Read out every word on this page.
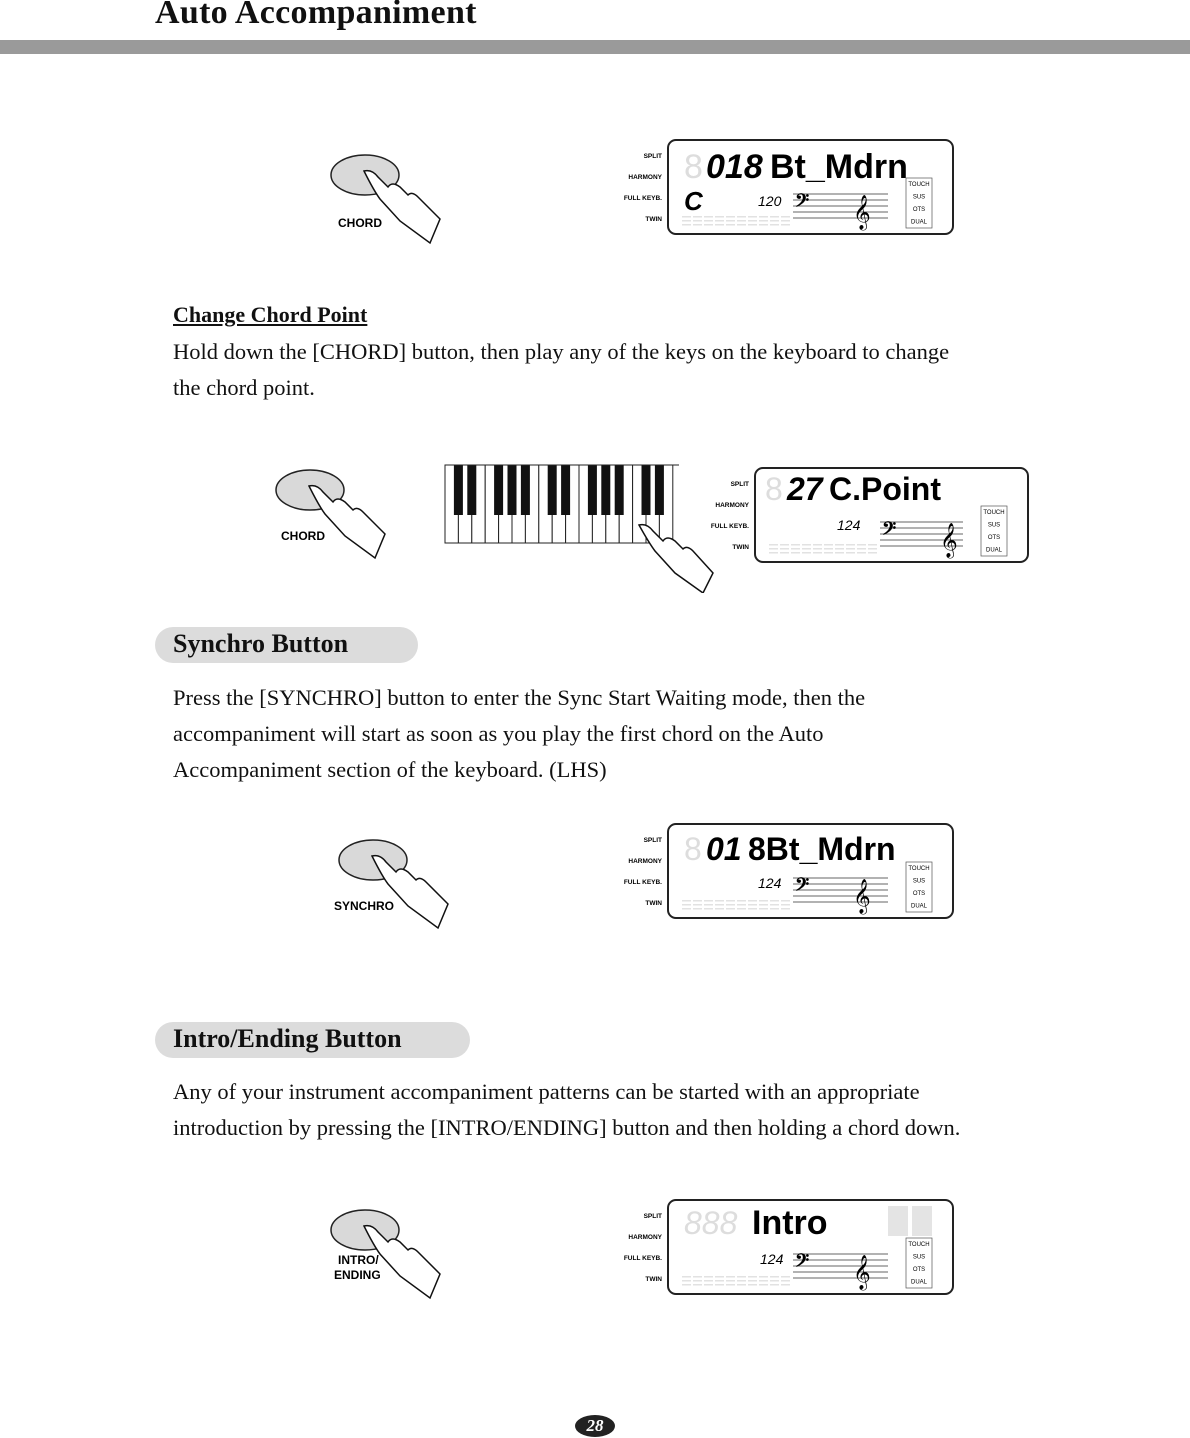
Auto Accompaniment
CHORD
SPLIT
HARMONY
FULL KEYB.
TWIN
8 018 Bt_Mdrn
C	120 𝄢 𝄞
TOUCH
SUS
OTS
DUAL
Change Chord Point
Hold down the [CHORD] button, then play any of the keys on the keyboard to change
the chord point.
CHORD
SPLIT
HARMONY
FULL KEYB.
TWIN
8 27 C.Point
124 𝄢 𝄞
TOUCH
SUS
OTS
DUAL
Synchro Button
Press the [SYNCHRO] button to enter the Sync Start Waiting mode, then the
accompaniment will start as soon as you play the first chord on the Auto
Accompaniment section of the keyboard. (LHS)
SYNCHRO
SPLIT
HARMONY
FULL KEYB.
TWIN
8 01 8Bt_Mdrn
124 𝄢 𝄞
TOUCH
SUS
OTS
DUAL
Intro/Ending Button
Any of your instrument accompaniment patterns can be started with an appropriate
introduction by pressing the [INTRO/ENDING] button and then holding a chord down.
INTRO/
ENDING
SPLIT
HARMONY
FULL KEYB.
TWIN
888 Intro
124 𝄢 𝄞
TOUCH
SUS
OTS
DUAL
28
